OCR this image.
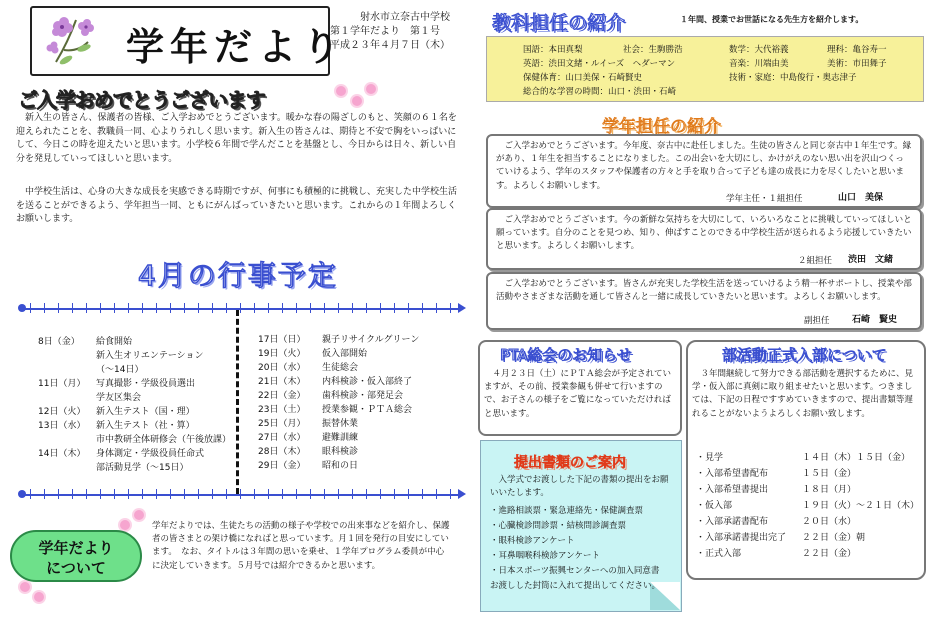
学年だより
射水市立奈古中学校
第１学年だより　第１号
平成２３年４月７日（木）
ご入学おめでとうございます
新入生の皆さん、保護者の皆様、ご入学おめでとうございます。暖かな春の陽ざしのもと、笑顔の６１名を迎えられたことを、教職員一同、心よりうれしく思います。新入生の皆さんは、期待と不安で胸をいっぱいにして、今日この時を迎えたいと思います。小学校６年間で学んだことを基盤とし、今日からは日々、新しい自分を発見していってほしいと思います。
中学校生活は、心身の大きな成長を実感できる時期ですが、何事にも積極的に挑戦し、充実した中学校生活を送ることができるよう、学年担当一同、ともにがんばっていきたいと思います。これからの１年間よろしくお願いします。
4月の行事予定
8日（金） 給食開始
新入生オリエンテーション
（～14日）
11日（月） 写真撮影・学級役員選出
学友区集会
12日（火） 新入生テスト（国・理）
13日（水） 新入生テスト（社・算）
市中教研全体研修会（午後放課）
14日（木） 身体測定・学級役員任命式
部活動見学（～15日）
17日（日） 親子リサイクルグリーン
19日（火） 仮入部開始
20日（水） 生徒総会
21日（木） 内科検診・仮入部終了
22日（金） 歯科検診・部発足会
23日（土） 授業参観・ＰＴＡ総会
25日（月） 振替休業
27日（水） 避難訓練
28日（木） 眼科検診
29日（金） 昭和の日
学年だより
について
学年だよりでは、生徒たちの活動の様子や学校での出来事などを紹介し、保護者の皆さまとの架け橋になればと思っています。月１回を発行の目安にしています。　なお、タイトルは３年間の思いを乗せ、１学年プログラム委員が中心に決定していきます。５月号では紹介できるかと思います。
教科担任の紹介	１年間、授業でお世話になる先生方を紹介します。
国語：本田真梨	社会：生駒勝浩	数学：大代裕義	理科：亀谷寿一
英語：渋田文緒・ルイーズ　ヘダーマン	音楽：川端由美	美術：市田舞子
保健体育：山口美保・石崎賢史	技術・家庭：中島俊行・奥志津子
総合的な学習の時間：山口・渋田・石崎
学年担任の紹介
ご入学おめでとうございます。今年度、奈古中に赴任しました。生徒の皆さんと同じ奈古中１年生です。縁があり、１年生を担当することになりました。この出会いを大切にし、かけがえのない思い出を沢山つくっていけるよう、学年のスタッフや保護者の方々と手を取り合って子ども達の成長に力を尽くしたいと思います。よろしくお願いします。
学年主任・１組担任	山口　美保
ご入学おめでとうございます。今の新鮮な気持ちを大切にして、いろいろなことに挑戦していってほしいと願っています。自分のことを見つめ、知り、伸ばすことのできる中学校生活が送られるよう応援していきたいと思います。よろしくお願いします。
２組担任 渋田　文緒
ご入学おめでとうございます。皆さんが充実した学校生活を送っていけるよう精一杯サポートし、授業や部活動やさまざまな活動を通して皆さんと一緒に成長していきたいと思います。よろしくお願いします。
副担任 石崎　賢史
PTA総会のお知らせ
４月２３日（土）にＰＴＡ総会が予定されていますが、その前、授業参観も併せて行いますので、お子さんの様子をご覧になっていただければと思います。
部活動正式入部について
３年間継続して努力できる部活動を選択するために、見学・仮入部に真剣に取り組ませたいと思います。つきましては、下記の日程ですすめていきますので、提出書類等遅れることがないようよろしくお願い致します。
・見学	１４日（木）１５日（金）
・入部希望書配布	１５日（金）
・入部希望書提出	１８日（月）
・仮入部	１９日（火）～２１日（木）
・入部承諾書配布	２０日（水）
・入部承諾書提出完了 ２２日（金）朝
・正式入部	２２日（金）
提出書類のご案内
入学式でお渡しした下記の書類の提出をお願いいたします。
・進路相談票・緊急連絡先・保健調査票
・心臓検診問診票・結核問診調査票
・眼科検診アンケート
・耳鼻咽喉科検診アンケート
・日本スポーツ振興センターへの加入同意書
お渡しした封筒に入れて提出してください。
